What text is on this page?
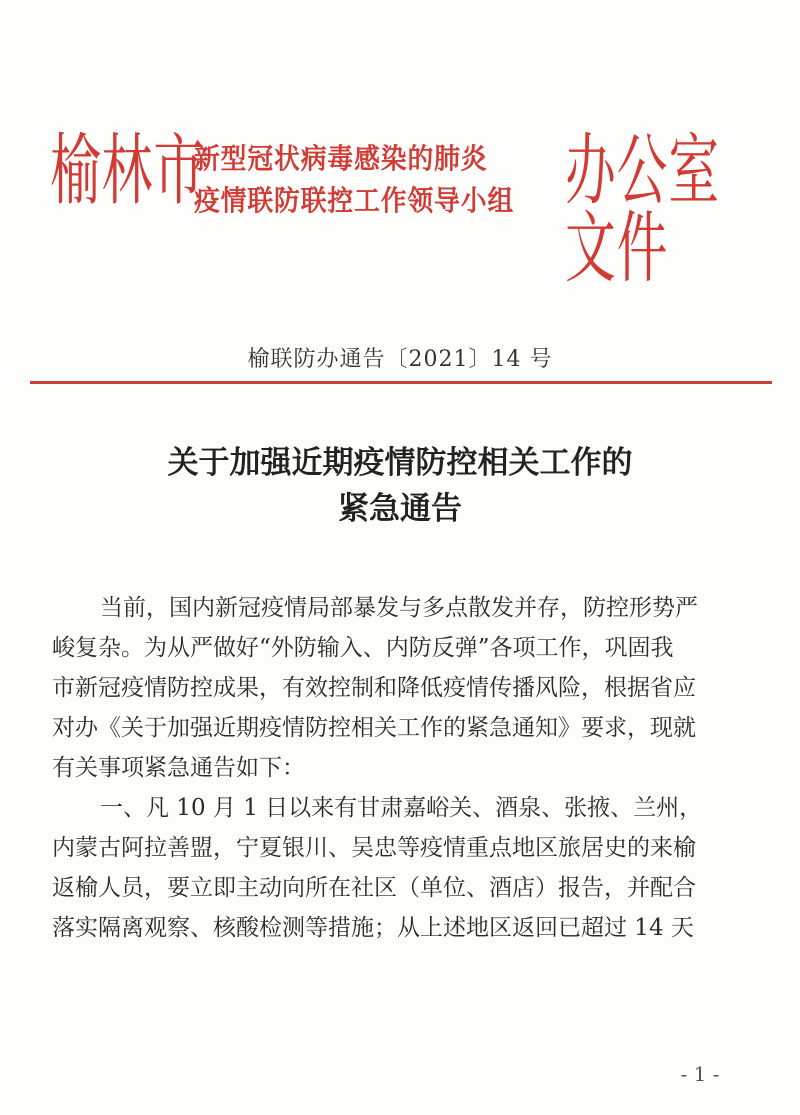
榆林市
新型冠状病毒感染的肺炎
疫情联防联控工作领导小组 办公室文件
榆联防办通告〔2021〕14 号
关于加强近期疫情防控相关工作的
紧急通告
当前，国内新冠疫情局部暴发与多点散发并存，防控形势严
峻复杂。为从严做好“外防输入、内防反弹”各项工作，巩固我
市新冠疫情防控成果，有效控制和降低疫情传播风险，根据省应
对办《关于加强近期疫情防控相关工作的紧急通知》要求，现就
有关事项紧急通告如下：
一、凡 10 月 1 日以来有甘肃嘉峪关、酒泉、张掖、兰州，
内蒙古阿拉善盟，宁夏银川、吴忠等疫情重点地区旅居史的来榆
返榆人员，要立即主动向所在社区（单位、酒店）报告，并配合
落实隔离观察、核酸检测等措施；从上述地区返回已超过 14 天
- 1 -
